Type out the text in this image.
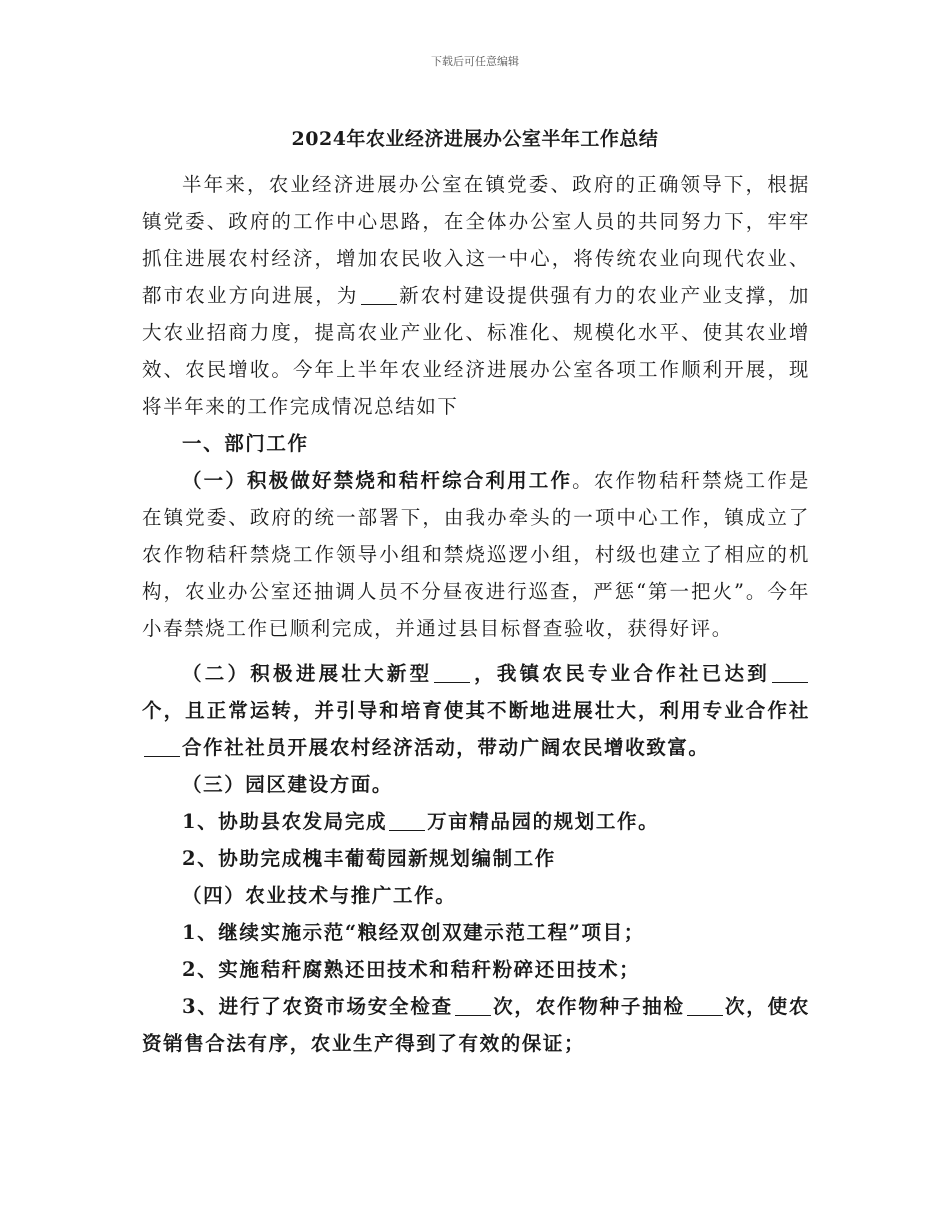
下载后可任意编辑
2024年农业经济进展办公室半年工作总结

半年来，农业经济进展办公室在镇党委、政府的正确领导下，根据镇党委、政府的工作中心思路，在全体办公室人员的共同努力下，牢牢抓住进展农村经济，增加农民收入这一中心，将传统农业向现代农业、都市农业方向进展，为 新农村建设提供强有力的农业产业支撑，加大农业招商力度，提高农业产业化、标准化、规模化水平、使其农业增效、农民增收。今年上半年农业经济进展办公室各项工作顺利开展，现将半年来的工作完成情况总结如下

一、部门工作

（一）积极做好禁烧和秸杆综合利用工作。农作物秸秆禁烧工作是在镇党委、政府的统一部署下，由我办牵头的一项中心工作，镇成立了农作物秸秆禁烧工作领导小组和禁烧巡逻小组，村级也建立了相应的机构，农业办公室还抽调人员不分昼夜进行巡查，严惩“第一把火”。今年小春禁烧工作已顺利完成，并通过县目标督查验收，获得好评。

（二）积极进展壮大新型 ，我镇农民专业合作社已达到个，且正常运转，并引导和培育使其不断地进展壮大，利用专业合作社合作社社员开展农村经济活动，带动广阔农民增收致富。

（三）园区建设方面。

1、协助县农发局完成 万亩精品园的规划工作。

2、协助完成槐丰葡萄园新规划编制工作

（四）农业技术与推广工作。

1、继续实施示范“粮经双创双建示范工程”项目；

2、实施秸秆腐熟还田技术和秸秆粉碎还田技术；

3、进行了农资市场安全检查 次，农作物种子抽检 次，使农资销售合法有序，农业生产得到了有效的保证；
